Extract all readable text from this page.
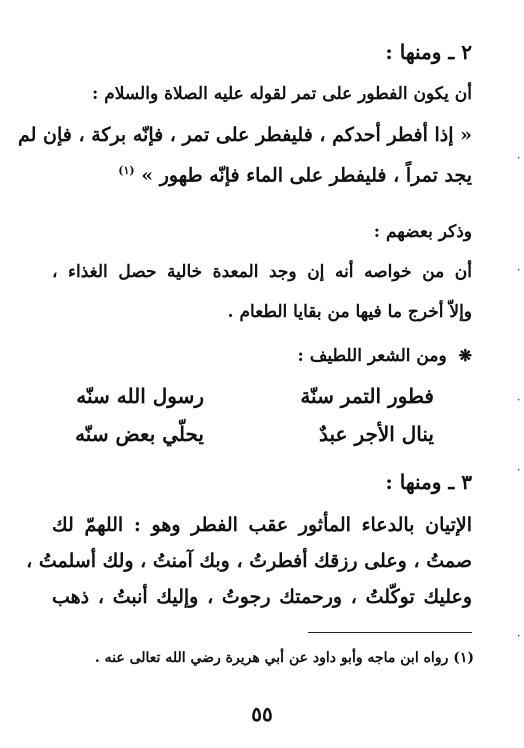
٢ ـ ومنها :
أن يكون الفطور على تمر لقوله عليه الصلاة والسلام :
« إذا أفطر أحدكم ، فليفطر على تمر ، فإنّه بركة ، فإن لم
يجد تمراً ، فليفطر على الماء فإنّه طهور » $^{(١)}$
وذكر بعضهم :
أن من خواصه أنه إن وجد المعدة خالية حصل الغذاء ،
وإلاّ أخرج ما فيها من بقايا الطعام .
❋ ومن الشعر اللطيف :
فطور التمر سنّة
رسول الله سنّه
ينال الأجر عبدٌ
يحلّي بعض سنّه
٣ ـ ومنها :
الإتيان بالدعاء المأثور عقب الفطر وهو : اللهمّ لك
صمتُ ، وعلى رزقك أفطرتُ ، وبك آمنتُ ، ولك أسلمتُ ،
وعليك توكّلتُ ، ورحمتك رجوتُ ، وإليك أنبتُ ، ذهب
(١) رواه ابن ماجه وأبو داود عن أبي هريرة رضي الله تعالى عنه .
٥٥
٠
٠
٠
٠
٠
